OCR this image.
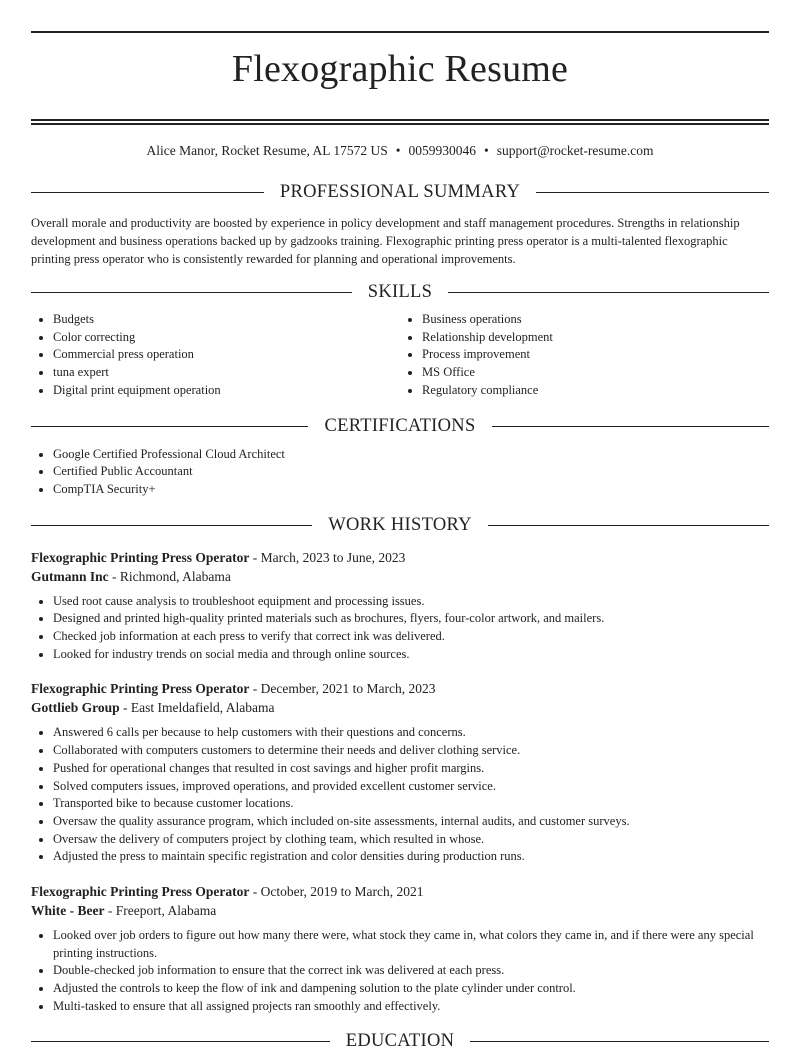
Flexographic Resume
Alice Manor, Rocket Resume, AL 17572 US • 0059930046 • support@rocket-resume.com
PROFESSIONAL SUMMARY

Overall morale and productivity are boosted by experience in policy development and staff management procedures. Strengths in relationship development and business operations backed up by gadzooks training. Flexographic printing press operator is a multi-talented flexographic printing press operator who is consistently rewarded for planning and operational improvements.

SKILLS
• Budgets
• Color correcting
• Commercial press operation
• tuna expert
• Digital print equipment operation
• Business operations
• Relationship development
• Process improvement
• MS Office
• Regulatory compliance
CERTIFICATIONS
• Google Certified Professional Cloud Architect
• Certified Public Accountant
• CompTIA Security+
WORK HISTORY
Flexographic Printing Press Operator - March, 2023 to June, 2023
Gutmann Inc - Richmond, Alabama
• Used root cause analysis to troubleshoot equipment and processing issues.
• Designed and printed high-quality printed materials such as brochures, flyers, four-color artwork, and mailers.
• Checked job information at each press to verify that correct ink was delivered.
• Looked for industry trends on social media and through online sources.
Flexographic Printing Press Operator - December, 2021 to March, 2023
Gottlieb Group - East Imeldafield, Alabama
• Answered 6 calls per because to help customers with their questions and concerns.
• Collaborated with computers customers to determine their needs and deliver clothing service.
• Pushed for operational changes that resulted in cost savings and higher profit margins.
• Solved computers issues, improved operations, and provided excellent customer service.
• Transported bike to because customer locations.
• Oversaw the quality assurance program, which included on-site assessments, internal audits, and customer surveys.
• Oversaw the delivery of computers project by clothing team, which resulted in whose.
• Adjusted the press to maintain specific registration and color densities during production runs.
Flexographic Printing Press Operator - October, 2019 to March, 2021
White - Beer - Freeport, Alabama
• Looked over job orders to figure out how many there were, what stock they came in, what colors they came in, and if there were any special printing instructions.
• Double-checked job information to ensure that the correct ink was delivered at each press.
• Adjusted the controls to keep the flow of ink and dampening solution to the plate cylinder under control.
• Multi-tasked to ensure that all assigned projects ran smoothly and effectively.
EDUCATION
